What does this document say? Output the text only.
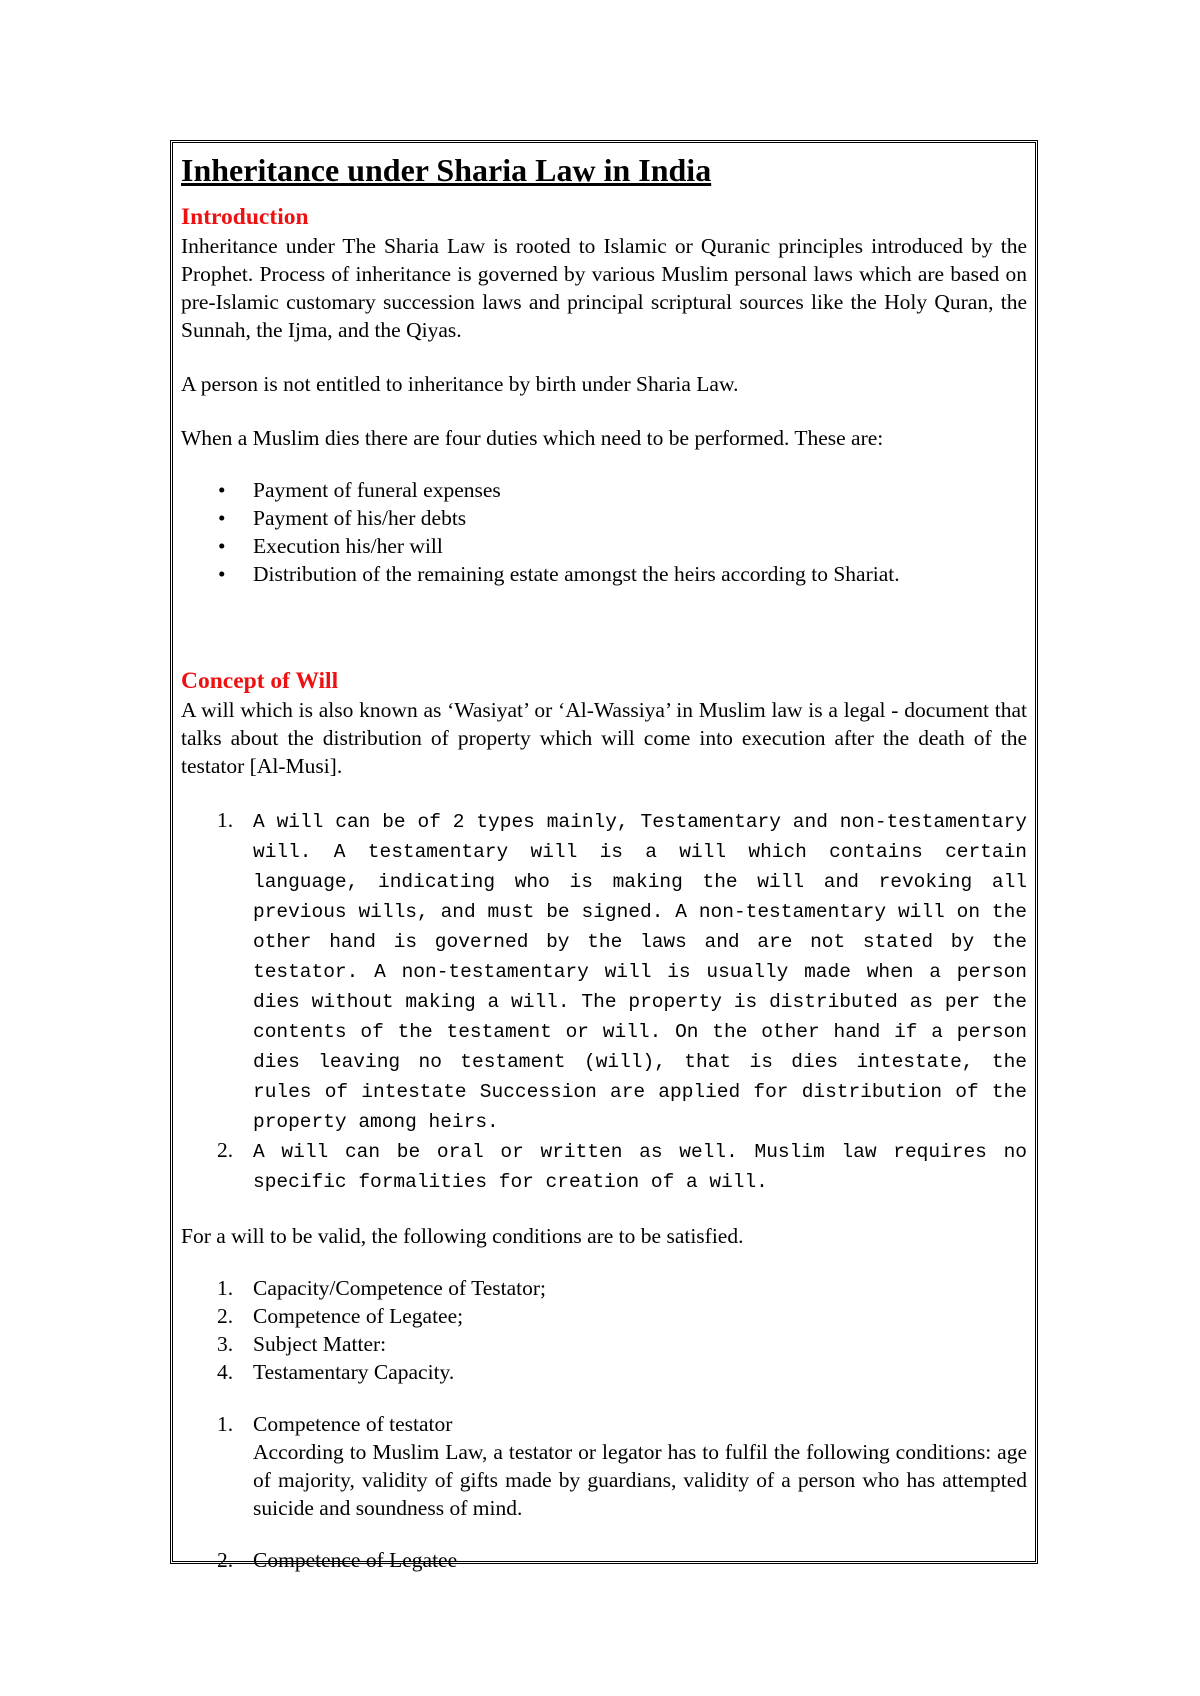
Inheritance under Sharia Law in India
Introduction

Inheritance under The Sharia Law is rooted to Islamic or Quranic principles introduced by the Prophet. Process of inheritance is governed by various Muslim personal laws which are based on pre-Islamic customary succession laws and principal scriptural sources like the Holy Quran, the Sunnah, the Ijma, and the Qiyas.

A person is not entitled to inheritance by birth under Sharia Law.

When a Muslim dies there are four duties which need to be performed. These are:

• Payment of funeral expenses
• Payment of his/her debts
• Execution his/her will
• Distribution of the remaining estate amongst the heirs according to Shariat.
Concept of Will

A will which is also known as ‘Wasiyat’ or ‘Al-Wassiya’ in Muslim law is a legal - document that talks about the distribution of property which will come into execution after the death of the testator [Al-Musi].

1. A will can be of 2 types mainly, Testamentary and non-testamentary will. A testamentary will is a will which contains certain language, indicating who is making the will and revoking all previous wills, and must be signed. A non-testamentary will on the other hand is governed by the laws and are not stated by the testator. A non-testamentary will is usually made when a person dies without making a will. The property is distributed as per the contents of the testament or will. On the other hand if a person dies leaving no testament (will), that is dies intestate, the rules of intestate Succession are applied for distribution of the property among heirs.
2. A will can be oral or written as well. Muslim law requires no specific formalities for creation of a will.

For a will to be valid, the following conditions are to be satisfied.

1. Capacity/Competence of Testator;
2. Competence of Legatee;
3. Subject Matter:
4. Testamentary Capacity.
1. Competence of testator
According to Muslim Law, a testator or legator has to fulfil the following conditions: age of majority, validity of gifts made by guardians, validity of a person who has attempted suicide and soundness of mind.
2. Competence of Legatee
